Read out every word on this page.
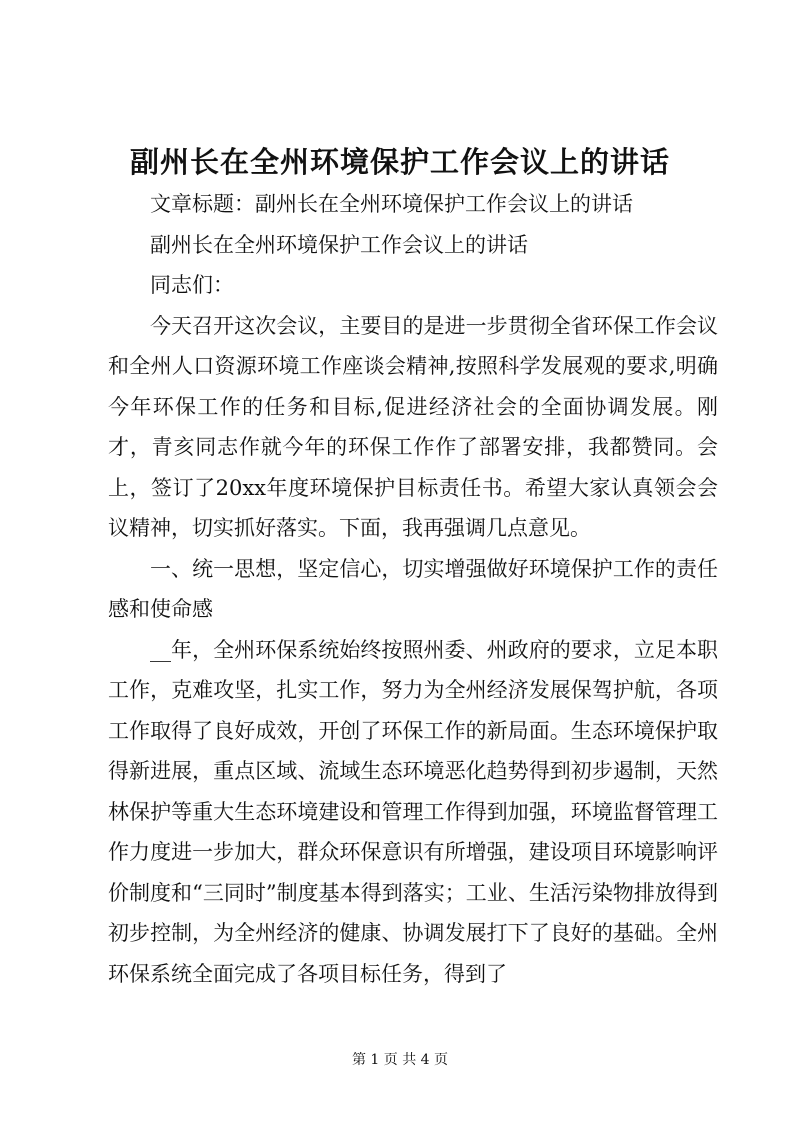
副州长在全州环境保护工作会议上的讲话

文章标题：副州长在全州环境保护工作会议上的讲话

副州长在全州环境保护工作会议上的讲话

同志们：

今天召开这次会议，主要目的是进一步贯彻全省环保工作会议和全州人口资源环境工作座谈会精神,按照科学发展观的要求,明确今年环保工作的任务和目标,促进经济社会的全面协调发展。刚才，青亥同志作就今年的环保工作作了部署安排，我都赞同。会上，签订了20xx年度环境保护目标责任书。希望大家认真领会会议精神，切实抓好落实。下面，我再强调几点意见。

一、统一思想，坚定信心，切实增强做好环境保护工作的责任感和使命感

__年，全州环保系统始终按照州委、州政府的要求，立足本职工作，克难攻坚，扎实工作，努力为全州经济发展保驾护航，各项工作取得了良好成效，开创了环保工作的新局面。生态环境保护取得新进展，重点区域、流域生态环境恶化趋势得到初步遏制，天然林保护等重大生态环境建设和管理工作得到加强，环境监督管理工作力度进一步加大，群众环保意识有所增强，建设项目环境影响评价制度和“三同时”制度基本得到落实；工业、生活污染物排放得到初步控制，为全州经济的健康、协调发展打下了良好的基础。全州环保系统全面完成了各项目标任务，得到了

第 1 页 共 4 页
